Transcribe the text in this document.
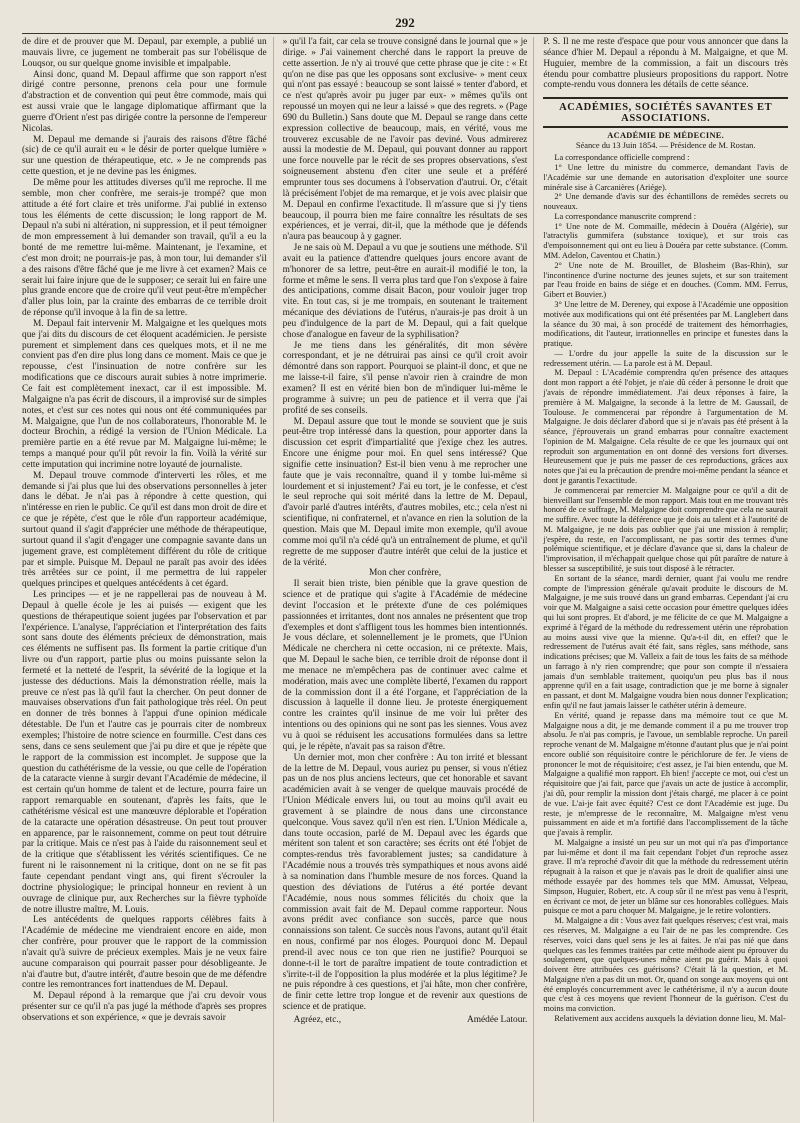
292

de dire et de prouver que M. Depaul, par exemple, a publié un mauvais livre, ce jugement ne tomberait pas sur l'obélisque de Louqsor, ou sur quelque gnome invisible et impalpable.

Ainsi donc, quand M. Depaul affirme que son rapport n'est dirigé contre personne, prenons cela pour une formule d'abstraction et de convention qui peut être commode, mais qui est aussi vraie que le langage diplomatique affirmant que la guerre d'Orient n'est pas dirigée contre la personne de l'empereur Nicolas.

M. Depaul me demande si j'aurais des raisons d'être fâché (sic) de ce qu'il aurait eu « le désir de porter quelque lumière » sur une question de thérapeutique, etc. » Je ne comprends pas cette question, et je ne devine pas les énigmes.

De même pour les attitudes diverses qu'il me reproche. Il me semble, mon cher confrère, me serais-je trompé? que mon attitude a été fort claire et très uniforme. J'ai publié in extenso tous les éléments de cette discussion; le long rapport de M. Depaul n'a subi ni altération, ni suppression, et il peut témoigner de mon empressement à lui demander son travail, qu'il a eu la bonté de me remettre lui-même. Maintenant, je l'examine, et c'est mon droit; ne pourrais-je pas, à mon tour, lui demander s'il a des raisons d'être fâché que je me livre à cet examen? Mais ce serait lui faire injure que de le supposer; ce serait lui en faire une plus grande encore que de croire qu'il veut peut-être m'empêcher d'aller plus loin, par la crainte des embarras de ce terrible droit de réponse qu'il invoque à la fin de sa lettre.

M. Depaul fait intervenir M. Malgaigne et les quelques mots que j'ai dits du discours de cet éloquent académicien. Je persiste purement et simplement dans ces quelques mots, et il ne me convient pas d'en dire plus long dans ce moment. Mais ce que je repousse, c'est l'insinuation de notre confrère sur les modifications que ce discours aurait subies à notre imprimerie. Ce fait est complètement inexact, car il est impossible. M. Malgaigne n'a pas écrit de discours, il a improvisé sur de simples notes, et c'est sur ces notes qui nous ont été communiquées par M. Malgaigne, que l'un de nos collaborateurs, l'honorable M. le docteur Brochin, a rédigé la version de l'Union Médicale. La première partie en a été revue par M. Malgaigne lui-même; le temps a manqué pour qu'il pût revoir la fin. Voilà la vérité sur cette imputation qui incrimine notre loyauté de journaliste.

M. Depaul trouve commode d'interverti les rôles, et me demande si j'ai plus que lui des observations personnelles à jeter dans le débat. Je n'ai pas à répondre à cette question, qui n'intéresse en rien le public. Ce qu'il est dans mon droit de dire et ce que je répète, c'est que le rôle d'un rapporteur académique, surtout quand il s'agit d'apprécier une méthode de thérapeutique, surtout quand il s'agit d'engager une compagnie savante dans un jugement grave, est complètement différent du rôle de critique par et simple. Puisque M. Depaul ne paraît pas avoir des idées très arrêtées sur ce point, il me permettra de lui rappeler quelques principes et quelques antécédents à cet égard.

Les principes — et je ne rappellerai pas de nouveau à M. Depaul à quelle école je les ai puisés — exigent que les questions de thérapeutique soient jugées par l'observation et par l'expérience. L'analyse, l'appréciation et l'interprétation des faits sont sans doute des éléments précieux de démonstration, mais ces éléments ne suffisent pas. Ils forment la partie critique d'un livre ou d'un rapport, partie plus ou moins puissante selon la fermeté et la netteté de l'esprit, la sévérité de la logique et la justesse des déductions. Mais la démonstration réelle, mais la preuve ce n'est pas là qu'il faut la chercher. On peut donner de mauvaises observations d'un fait pathologique très réel. On peut en donner de très bonnes à l'appui d'une opinion médicale détestable. De l'un et l'autre cas je pourrais citer de nombreux exemples; l'histoire de notre science en fourmille. C'est dans ces sens, dans ce sens seulement que j'ai pu dire et que je répète que le rapport de la commission est incomplet. Je suppose que la question du cathétérisme de la vessie, ou que celle de l'opération de la cataracte vienne à surgir devant l'Académie de médecine, il est certain qu'un homme de talent et de lecture, pourra faire un rapport remarquable en soutenant, d'après les faits, que le cathétérisme vésical est une manœuvre déplorable et l'opération de la cataracte une opération désastreuse. On peut tout prouver en apparence, par le raisonnement, comme on peut tout détruire par la critique. Mais ce n'est pas à l'aide du raisonnement seul et de la critique que s'établissent les vérités scientifiques. Ce ne furent ni le raisonnement ni la critique, dont on ne se fit pas faute cependant pendant vingt ans, qui firent s'écrouler la doctrine physiologique; le principal honneur en revient à un ouvrage de clinique pur, aux Recherches sur la fièvre typhoïde de notre illustre maître, M. Louis.

Les antécédents de quelques rapports célèbres faits à l'Académie de médecine me viendraient encore en aide, mon cher confrère, pour prouver que le rapport de la commission n'avait qu'à suivre de précieux exemples. Mais je ne veux faire aucune comparaison qui pourrait passer pour désobligeante. Je n'ai d'autre but, d'autre intérêt, d'autre besoin que de me défendre contre les remontrances fort inattendues de M. Depaul.

M. Depaul répond à la remarque que j'ai cru devoir vous présenter sur ce qu'il n'a pas jugé la méthode d'après ses propres observations et son expérience, « que je devrais savoir

» qu'il l'a fait, car cela se trouve consigné dans le journal que » je dirige. » J'ai vainement cherché dans le rapport la preuve de cette assertion. Je n'y ai trouvé que cette phrase que je cite : « Et qu'on ne dise pas que les opposans sont exclusive- » ment ceux qui n'ont pas essayé : beaucoup se sont laissé » tenter d'abord, et ce n'est qu'après avoir pu juger par eux- » mêmes qu'ils ont repoussé un moyen qui ne leur a laissé » que des regrets. » (Page 690 du Bulletin.) Sans doute que M. Depaul se range dans cette expression collective de beaucoup, mais, en vérité, vous me trouverez excusable de ne l'avoir pas deviné. Vous admirerez aussi la modestie de M. Depaul, qui pouvant donner au rapport une force nouvelle par le récit de ses propres observations, s'est soigneusement abstenu d'en citer une seule et a préféré emprunter tous ses documens à l'observation d'autrui. Or, c'était là précisément l'objet de ma remarque, et je vois avec plaisir que M. Depaul en confirme l'exactitude. Il m'assure que si j'y tiens beaucoup, il pourra bien me faire connaître les résultats de ses expériences, et je verrai, dit-il, que la méthode que je défends n'aura pas beaucoup à y gagner.

Je ne sais où M. Depaul a vu que je soutiens une méthode. S'il avait eu la patience d'attendre quelques jours encore avant de m'honorer de sa lettre, peut-être en aurait-il modifié le ton, la forme et même le sens. Il verra plus tard que l'on s'expose à faire des anticipations, comme disait Bacon, pour vouloir juger trop vite. En tout cas, si je me trompais, en soutenant le traitement mécanique des déviations de l'utérus, n'aurais-je pas droit à un peu d'indulgence de la part de M. Depaul, qui a fait quelque chose d'analogue en faveur de la syphilisation?

Je me tiens dans les généralités, dit mon sévère correspondant, et je ne détruirai pas ainsi ce qu'il croit avoir démontré dans son rapport. Pourquoi se plaint-il donc, et que ne me laisse-t-il faire, s'il pense n'avoir rien à craindre de mon examen? Il est en vérité bien bon de m'indiquer lui-même le programme à suivre; un peu de patience et il verra que j'ai profité de ses conseils.

M. Depaul assure que tout le monde se souvient que je suis peut-être trop intéressé dans la question, pour apporter dans la discussion cet esprit d'impartialité que j'exige chez les autres. Encore une énigme pour moi. En quel sens intéressé? Que signifie cette insinuation? Est-il bien venu à me reprocher une faute que je vais reconnaître, quand il y tombe lui-même si lourdement et si injustement? J'ai eu tort, je le confesse, et c'est le seul reproche qui soit mérité dans la lettre de M. Depaul, d'avoir parlé d'autres intérêts, d'autres mobiles, etc.; cela n'est ni scientifique, ni confraternel, et n'avance en rien la solution de la question. Mais que M. Depaul imite mon exemple, qu'il avoue comme moi qu'il n'a cédé qu'à un entraînement de plume, et qu'il regrette de me supposer d'autre intérêt que celui de la justice et de la vérité.

Mon cher confrère,

Il serait bien triste, bien pénible que la grave question de science et de pratique qui s'agite à l'Académie de médecine devint l'occasion et le prétexte d'une de ces polémiques passionnées et irritantes, dont nos annales ne présentent que trop d'exemples et dont s'affligent tous les hommes bien intentionnés. Je vous déclare, et solennellement je le promets, que l'Union Médicale ne cherchera ni cette occasion, ni ce prétexte. Mais, que M. Depaul le sache bien, ce terrible droit de réponse dont il me menace ne m'empêchera pas de continuer avec calme et modération, mais avec une complète liberté, l'examen du rapport de la commission dont il a été l'organe, et l'appréciation de la discussion à laquelle il donne lieu. Je proteste énergiquement contre les craintes qu'il insinue de me voir lui prêter des intentions ou des opinions qui ne sont pas les siennes. Vous avez vu à quoi se réduisent les accusations formulées dans sa lettre qui, je le répète, n'avait pas sa raison d'être.

Un dernier mot, mon cher confrère : Au ton irrité et blessant de la lettre de M. Depaul, vous auriez pu penser, si vous n'étiez pas un de nos plus anciens lecteurs, que cet honorable et savant académicien avait à se venger de quelque mauvais procédé de l'Union Médicale envers lui, ou tout au moins qu'il avait eu gravement à se plaindre de nous dans une circonstance quelconque. Vous savez qu'il n'en est rien. L'Union Médicale a, dans toute occasion, parlé de M. Depaul avec les égards que méritent son talent et son caractère; ses écrits ont été l'objet de comptes-rendus très favorablement justes; sa candidature à l'Académie nous a trouvés très sympathiques et nous avons aidé à sa nomination dans l'humble mesure de nos forces. Quand la question des déviations de l'utérus a été portée devant l'Académie, nous nous sommes félicités du choix que la commission avait fait de M. Depaul comme rapporteur. Nous avons prédit avec confiance son succès, parce que nous connaissions son talent. Ce succès nous l'avons, autant qu'il était en nous, confirmé par nos éloges. Pourquoi donc M. Depaul prend-il avec nous ce ton que rien ne justifie? Pourquoi se donne-t-il le tort de paraître impatient de toute contradiction et s'irrite-t-il de l'opposition la plus modérée et la plus légitime? Je ne puis répondre à ces questions, et j'ai hâte, mon cher confrère, de finir cette lettre trop longue et de revenir aux questions de science et de pratique.

Agréez, etc.,	Amédée Latour.

P. S. Il ne me reste d'espace que pour vous annoncer que dans la séance d'hier M. Depaul a répondu à M. Malgaigne, et que M. Huguier, membre de la commission, a fait un discours très étendu pour combattre plusieurs propositions du rapport. Notre compte-rendu vous donnera les détails de cette séance.

ACADÉMIES, SOCIÉTÉS SAVANTES ET ASSOCIATIONS.
ACADÉMIE DE MÉDECINE.
Séance du 13 Juin 1854. — Présidence de M. Rostan.

La correspondance officielle comprend :

1° Une lettre du ministre du commerce, demandant l'avis de l'Académie sur une demande en autorisation d'exploiter une source minérale sise à Carcanières (Ariége).

2° Une demande d'avis sur des échantillons de remèdes secrets ou nouveaux.

La correspondance manuscrite comprend :

1° Une note de M. Commaille, médecin à Douéra (Algérie), sur l'atractylis gummifera (substance toxique), et sur trois cas d'empoisonnement qui ont eu lieu à Douéra par cette substance. (Comm. MM. Adelon, Caventou et Chatin.)

2° Une note de M. Brouillet, de Blosheim (Bas-Rhin), sur l'incontinence d'urine nocturne des jeunes sujets, et sur son traitement par l'eau froide en bains de siége et en douches. (Comm. MM. Ferrus, Gibert et Bouvier.)

3° Une lettre de M. Dereney, qui expose à l'Académie une opposition motivée aux modifications qui ont été présentées par M. Langlebert dans la séance du 30 mai, à son procédé de traitement des hémorrhagies, modifications, dit l'auteur, irrationnelles en principe et funestes dans la pratique.

— L'ordre du jour appelle la suite de la discussion sur le redressement utérin. — La parole est à M. Depaul.

M. Depaul : L'Académie comprendra qu'en présence des attaques dont mon rapport a été l'objet, je n'aie dû céder à personne le droit que j'avais de répondre immédiatement. J'ai deux réponses à faire, la première à M. Malgaigne, la seconde à la lettre de M. Gaussail, de Toulouse. Je commencerai par répondre à l'argumentation de M. Malgaigne. Je dois déclarer d'abord que si je n'avais pas été présent à la séance, j'éprouverais un grand embarras pour connaître exactement l'opinion de M. Malgaigne. Cela résulte de ce que les journaux qui ont reproduit son argumentation en ont donné des versions fort diverses. Heureusement que je puis me passer de ces reproductions, grâces aux notes que j'ai eu la précaution de prendre moi-même pendant la séance et dont je garantis l'exactitude.

Je commencerai par remercier M. Malgaigne pour ce qu'il a dit de bienveillant sur l'ensemble de mon rapport. Mais tout en me trouvant très honoré de ce suffrage, M. Malgaigne doit comprendre que cela ne saurait me suffire. Avec toute la déférence que je dois au talent et à l'autorité de M. Malgaigne, je ne dois pas oublier que j'ai une mission à remplir; j'espère, du reste, en l'accomplissant, ne pas sortir des termes d'une polémique scientifique, et je déclare d'avance que si, dans la chaleur de l'improvisation, il m'échappait quelque chose qui pût paraître de nature à blesser sa susceptibilité, je suis tout disposé à le rétracter.

En sortant de la séance, mardi dernier, quant j'ai voulu me rendre compte de l'impression générale qu'avait produite le discours de M. Malgaigne, je me suis trouvé dans un grand embarras. Cependant j'ai cru voir que M. Malgaigne a saisi cette occasion pour émettre quelques idées qui lui sont propres. Et d'abord, je me félicite de ce que M. Malgaigne a exprimé à l'égard de la méthode du redressement utérin une réprobation au moins aussi vive que la mienne. Qu'a-t-il dit, en effet? que le redressement de l'utérus avait été fait, sans règles, sans méthode, sans indications précises; que M. Valleix a fait de tous les faits de sa méthode un farrago à n'y rien comprendre; que pour son compte il n'essaiera jamais d'un semblable traitement, quoiqu'un peu plus bas il nous apprenne qu'il en a fait usage, contradiction que je me borne à signaler en passant, et dont M. Malgaigne voudra bien nous donner l'explication; enfin qu'il ne faut jamais laisser le cathéter utérin à demeure.

En vérité, quand je repasse dans ma mémoire tout ce que M. Malgaigne nous a dit, je me demande comment il a pu me trouver trop absolu. Je n'ai pas compris, je l'avoue, un semblable reproche. Un pareil reproche venant de M. Malgaigne m'étonne d'autant plus que je n'ai point encore oublié son réquisitoire contre le périchlorure de fer. Je viens de prononcer le mot de réquisitoire; c'est assez, je l'ai bien entendu, que M. Malgaigne a qualifié mon rapport. Eh bien! j'accepte ce mot, oui c'est un réquisitoire que j'ai fait, parce que j'avais un acte de justice à accomplir, j'ai dû, pour remplir la mission dont j'étais chargé, me placer à ce point de vue. L'ai-je fait avec équité? C'est ce dont l'Académie est juge. Du reste, je m'empresse de le reconnaître, M. Malgaigne m'est venu puissamment en aide et m'a fortifié dans l'accomplissement de la tâche que j'avais à remplir.

M. Malgaigne a insisté un peu sur un mot qui n'a pas d'importance par lui-même et dont il ma fait cependant l'objet d'un reproche assez grave. Il m'a reproché d'avoir dit que la méthode du redressement utérin répugnait à la raison et que je n'avais pas le droit de qualifier ainsi une méthode essayée par des hommes tels que MM. Amussat, Velpeau, Simpson, Huguier, Robert, etc. A coup sûr il ne m'est pas venu à l'esprit, en écrivant ce mot, de jeter un blâme sur ces honorables collègues. Mais puisque ce mot a paru choquer M. Malgaigne, je le retire volontiers.

M. Malgaigne a dit : Vous avez fait quelques réserves; c'est vrai, mais ces réserves, M. Malgaigne a eu l'air de ne pas les comprendre. Ces réserves, voici dans quel sens je les ai faites. Je n'ai pas nié que dans quelques cas les femmes traitées par cette méthode aient pu éprouver du soulagement, que quelques-unes même aient pu guérir. Mais à quoi doivent être attribuées ces guérisons? C'était là la question, et M. Malgaigne n'en a pas dit un mot. Or, quand on songe aux moyens qui ont été employés concurremment avec le cathétérisme, il n'y a aucun doute que c'est à ces moyens que revient l'honneur de la guérison. C'est du moins ma conviction.

Relativement aux accidens auxquels la déviation donne lieu, M. Mal-
